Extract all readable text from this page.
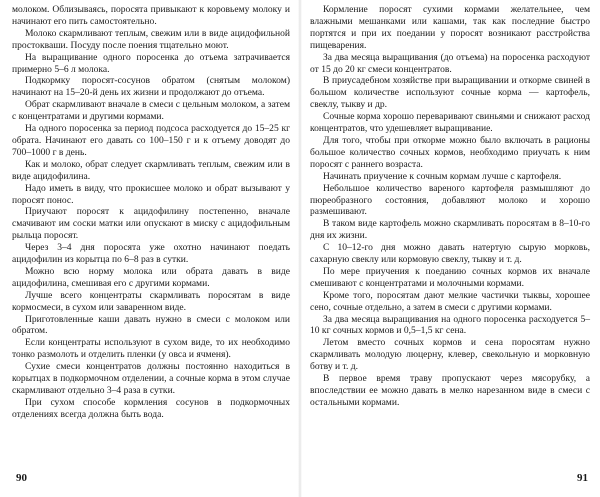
молоком. Облизываясь, поросята привыкают к коровьему молоку и начинают его пить самостоятельно.

Молоко скармливают теплым, свежим или в виде ацидофильной простокваши. Посуду после поения тщательно моют.

На выращивание одного поросенка до отъема затрачивается примерно 5–6 л молока.

Подкормку поросят-сосунов обратом (снятым молоком) начинают на 15–20-й день их жизни и продолжают до отъема.

Обрат скармливают вначале в смеси с цельным молоком, а затем с концентратами и другими кормами.

На одного поросенка за период подсоса расходуется до 15–25 кг обрата. Начинают его давать со 100–150 г и к отъему доводят до 700–1000 г в день.

Как и молоко, обрат следует скармливать теплым, свежим или в виде ацидофилина.

Надо иметь в виду, что прокисшее молоко и обрат вызывают у поросят понос.

Приучают поросят к ацидофилину постепенно, вначале смачивают им соски матки или опускают в миску с ацидофильным рыльца поросят.

Через 3–4 дня поросята уже охотно начинают поедать ацидофилин из корытца по 6–8 раз в сутки.

Можно всю норму молока или обрата давать в виде ацидофилина, смешивая его с другими кормами.

Лучше всего концентраты скармливать поросятам в виде кормосмеси, в сухом или заваренном виде.

Приготовленные каши давать нужно в смеси с молоком или обратом.

Если концентраты используют в сухом виде, то их необходимо тонко размолоть и отделить пленки (у овса и ячменя).

Сухие смеси концентратов должны постоянно находиться в корытцах в подкормочном отделении, а сочные корма в этом случае скармливают отдельно 3–4 раза в сутки.

При сухом способе кормления сосунов в подкормочных отделениях всегда должна быть вода.

90

Кормление поросят сухими кормами желательнее, чем влажными мешанками или кашами, так как последние быстро портятся и при их поедании у поросят возникают расстройства пищеварения.

За два месяца выращивания (до отъема) на поросенка расходуют от 15 до 20 кг смеси концентратов.

В приусадебном хозяйстве при выращивании и откорме свиней в большом количестве используют сочные корма — картофель, свеклу, тыкву и др.

Сочные корма хорошо переваривают свиньями и снижают расход концентратов, что удешевляет выращивание.

Для того, чтобы при откорме можно было включать в рационы большое количество сочных кормов, необходимо приучать к ним поросят с раннего возраста.

Начинать приучение к сочным кормам лучше с картофеля.

Небольшое количество вареного картофеля размышляют до пюреобразного состояния, добавляют молоко и хорошо размешивают.

В таком виде картофель можно скармливать поросятам в 8–10-го дня их жизни.

С 10–12-го дня можно давать натертую сырую морковь, сахарную свеклу или кормовую свеклу, тыкву и т. д.

По мере приучения к поеданию сочных кормов их вначале смешивают с концентратами и молочными кормами.

Кроме того, поросятам дают мелкие частички тыквы, хорошее сено, сочные отдельно, а затем в смеси с другими кормами.

За два месяца выращивания на одного поросенка расходуется 5–10 кг сочных кормов и 0,5–1,5 кг сена.

Летом вместо сочных кормов и сена поросятам нужно скармливать молодую люцерну, клевер, свекольную и морковную ботву и т. д.

В первое время траву пропускают через мясорубку, а впоследствии ее можно давать в мелко нарезанном виде в смеси с остальными кормами.

91
